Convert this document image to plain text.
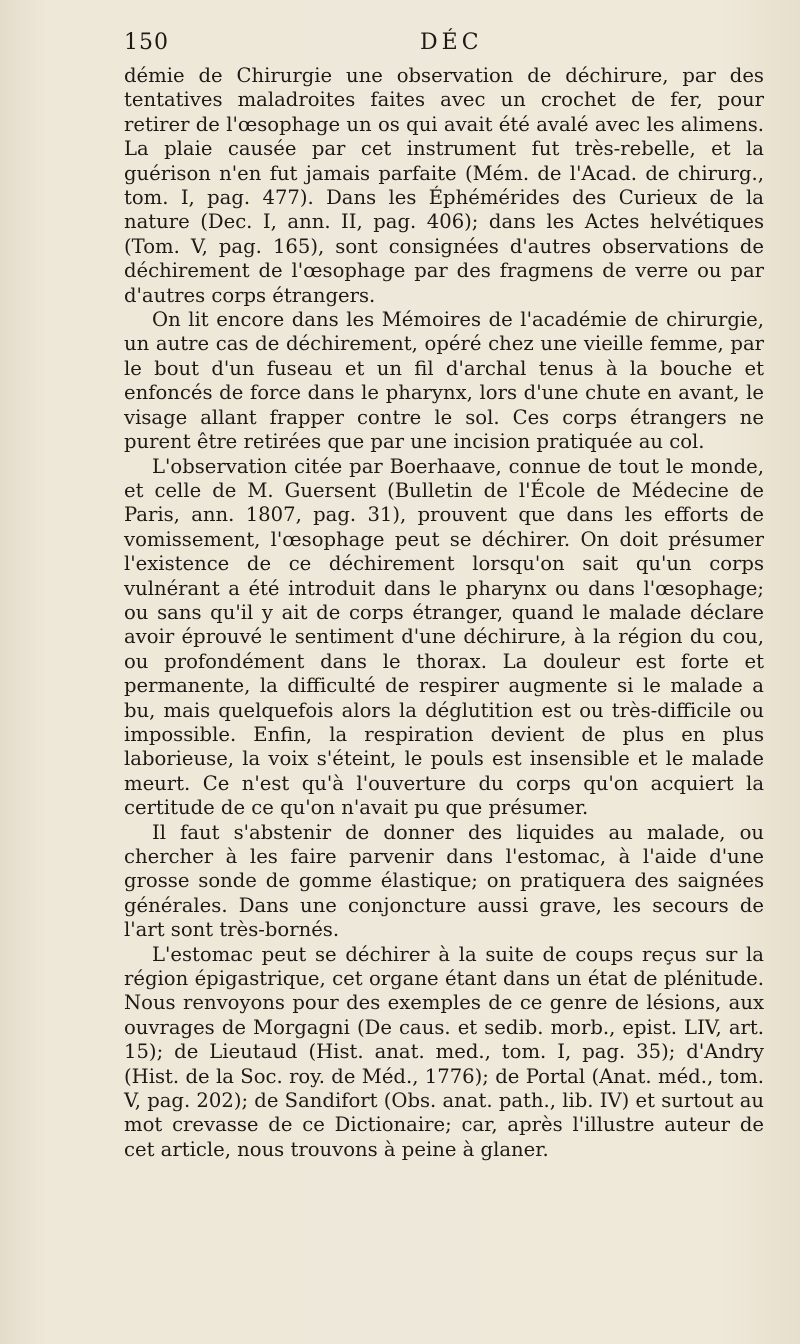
150	DÉC

démie de Chirurgie une observation de déchirure, par des tentatives maladroites faites avec un crochet de fer, pour retirer de l'œsophage un os qui avait été avalé avec les alimens. La plaie causée par cet instrument fut très-rebelle, et la guérison n'en fut jamais parfaite (Mém. de l'Acad. de chirurg., tom. I, pag. 477). Dans les Éphémérides des Curieux de la nature (Dec. I, ann. II, pag. 406); dans les Actes helvétiques (Tom. V, pag. 165), sont consignées d'autres observations de déchirement de l'œsophage par des fragmens de verre ou par d'autres corps étrangers.

On lit encore dans les Mémoires de l'académie de chirurgie, un autre cas de déchirement, opéré chez une vieille femme, par le bout d'un fuseau et un fil d'archal tenus à la bouche et enfoncés de force dans le pharynx, lors d'une chute en avant, le visage allant frapper contre le sol. Ces corps étrangers ne purent être retirées que par une incision pratiquée au col.

L'observation citée par Boerhaave, connue de tout le monde, et celle de M. Guersent (Bulletin de l'École de Médecine de Paris, ann. 1807, pag. 31), prouvent que dans les efforts de vomissement, l'œsophage peut se déchirer. On doit présumer l'existence de ce déchirement lorsqu'on sait qu'un corps vulnérant a été introduit dans le pharynx ou dans l'œsophage; ou sans qu'il y ait de corps étranger, quand le malade déclare avoir éprouvé le sentiment d'une déchirure, à la région du cou, ou profondément dans le thorax. La douleur est forte et permanente, la difficulté de respirer augmente si le malade a bu, mais quelquefois alors la déglutition est ou très-difficile ou impossible. Enfin, la respiration devient de plus en plus laborieuse, la voix s'éteint, le pouls est insensible et le malade meurt. Ce n'est qu'à l'ouverture du corps qu'on acquiert la certitude de ce qu'on n'avait pu que présumer.

Il faut s'abstenir de donner des liquides au malade, ou chercher à les faire parvenir dans l'estomac, à l'aide d'une grosse sonde de gomme élastique; on pratiquera des saignées générales. Dans une conjoncture aussi grave, les secours de l'art sont très-bornés.

L'estomac peut se déchirer à la suite de coups reçus sur la région épigastrique, cet organe étant dans un état de plénitude. Nous renvoyons pour des exemples de ce genre de lésions, aux ouvrages de Morgagni (De caus. et sedib. morb., epist. LIV, art. 15); de Lieutaud (Hist. anat. med., tom. I, pag. 35); d'Andry (Hist. de la Soc. roy. de Méd., 1776); de Portal (Anat. méd., tom. V, pag. 202); de Sandifort (Obs. anat. path., lib. IV) et surtout au mot crevasse de ce Dictionaire; car, après l'illustre auteur de cet article, nous trouvons à peine à glaner.
